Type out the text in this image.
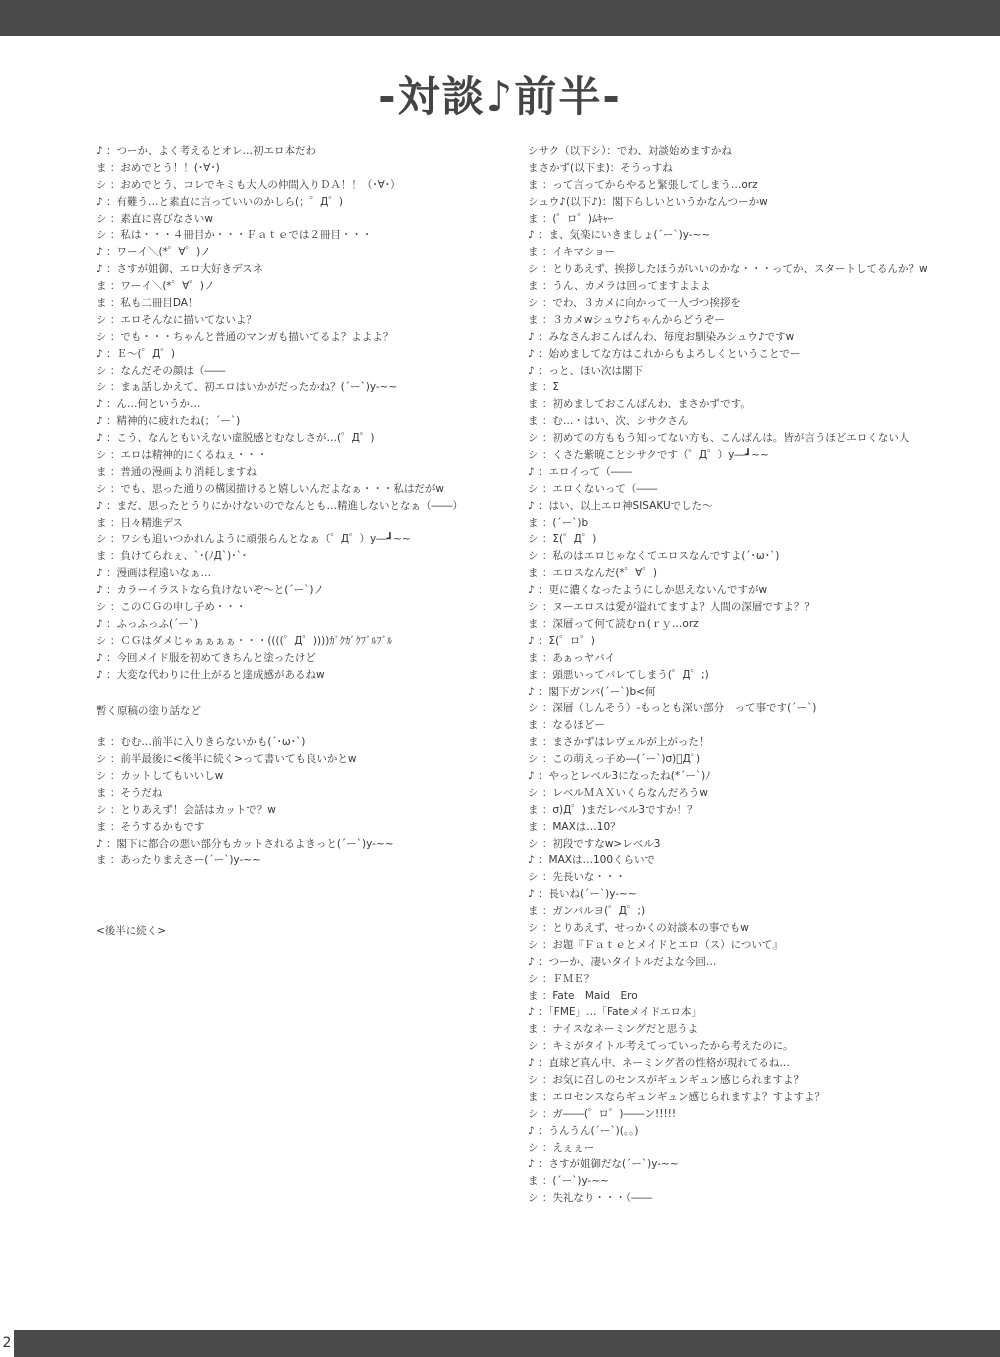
-対談♪前半-
♪ ：つーか、よく考えるとオレ…初エロ本だわ
ま ：おめでとう！！(･∀･)
シ ：おめでとう、コレでキミも大人の仲間入りＤＡ！！（･∀･）
♪ ：有難う…と素直に言っていいのかしら(；゜Д゜)
シ ：素直に喜びなさいw
シ ：私は・・・４冊目か・・・Ｆａｔｅでは２冊目・・・
♪ ：ワーイ＼(*゜∀゜)ノ
♪ ：さすが姐御、エロ大好きデスネ
ま ：ワーイ＼(*゜∀゜)ノ
ま ：私も二冊目DA！
シ ：エロそんなに描いてないよ？
シ ：でも・・・ちゃんと普通のマンガも描いてるよ？よよよ？
♪ ：Ｅ～(゜Д゜)
シ ：なんだその顔は（――
シ ：まぁ話しかえて、初エロはいかがだったかね？(´ー`)y-~~
♪ ：ん…何というか…
♪ ：精神的に疲れたね(；´ー`)
♪ ：こう、なんともいえない虚脱感とむなしさが…(゜Д゜)
シ ：エロは精神的にくるねぇ・・・
ま ：普通の漫画より消耗しますね
シ ：でも、思った通りの構図描けると嬉しいんだよなぁ・・・私はだがw
♪ ：まだ、思ったとうりにかけないのでなんとも…精進しないとなぁ（――）
ま ：日々精進デス
シ ：ワシも追いつかれんように頑張らんとなぁ（゜Д゜）y―┛~~
ま ：負けてられぇ、`･(ﾉД`)･`･
♪ ：漫画は程遠いなぁ…
♪ ：カラーイラストなら負けないぞ～と(´ー`)ノ
シ ：このＣＧの申し子め・・・
♪ ：ふっふっふ(´ー`)
シ ：ＣＧはダメじゃぁぁぁぁ・・・((((゜Д゜))))ｶﾞｸｶﾞｸﾌﾞﾙﾌﾞﾙ
♪ ：今回メイド服を初めてきちんと塗ったけど
♪ ：大変な代わりに仕上がると達成感があるねw
ま ：むむ…前半に入りきらないかも(´･ω･`)
シ ：前半最後に<後半に続く>って書いても良いかとw
シ ：カットしてもいいしw
ま ：そうだね
シ ：とりあえず！会話はカットで？w
ま ：そうするかもです
♪ ：閣下に都合の悪い部分もカットされるよきっと(´ー`)y-~~
ま ：あったりまえさー(´ー`)y-~~
シサク（以下シ）：でわ、対談始めますかね
まさかず(以下ま)：そうっすね
ま ：って言ってからやると緊張してしまう…orz
シュウ♪(以下♪)：閣下らしいというかなんつーかw
ま ：(゜ロ゜)ﾑｷｬｰ
♪ ：ま、気楽にいきましょ(´ー`)y-~~
ま ：イキマショー
シ ：とりあえず、挨拶したほうがいいのかな・・・ってか、スタートしてるんか？w
ま ：うん、カメラは回ってますよよよ
シ ：でわ、３カメに向かって一人づつ挨拶を
ま ：３カメwシュウ♪ちゃんからどうぞー
♪ ：みなさんおこんばんわ、毎度お馴染みシュウ♪ですw
♪ ：始めましてな方はこれからもよろしくということでー
♪ ：っと、ほい次は閣下
ま ：Σ
ま ：初めましておこんばんわ、まさかずです。
ま ：む…・はい、次、シサクさん
シ ：初めての方ももう知ってない方も、こんばんは。皆が言うほどエロくない人
シ ：くさた紫暁ことシサクです（゜Д゜）y―┛~~
♪ ：エロイって（――
シ ：エロくないって（――
♪ ：はい、以上エロ神SISAKUでした～
ま ：(´ー`)b
シ ：Σ(゜Д゜)
シ ：私のはエロじゃなくてエロスなんですよ(´･ω･`)
ま ：エロスなんだ(*゜∀゜)
♪ ：更に濃くなったようにしか思えないんですがw
シ ：ヌーエロスは愛が溢れてますよ？人間の深層ですよ？？
ま ：深層って何て読むｎ(ｒｙ…orz
♪ ：Σ(゜ロ゜)
ま ：あぁっヤバイ
ま ：頭悪いってバレてしまう(゜Д゜;)
♪ ：閣下ガンバ(´ー`)b<何
シ ：深層（しんそう）-もっとも深い部分　って事です(´ー`)
ま ：なるほどー
ま ：まさかずはレヴェルが上がった！
シ ：この萌えっ子め―(´ー`)σ)ﾟДﾟ)
♪ ：やっとレベル3になったね(*´ー`)ﾉ
シ ：レベルＭＡＸいくらなんだろうw
ま ：σ)Д゜)まだレベル3ですか！？
ま ：MAXは…10？
シ ：初段ですなw>レベル3
♪ ：MAXは…100くらいで
シ ：先長いな・・・
♪ ：長いね(´ー`)y-~~
ま ：ガンバルヨ(゜Д゜;)
シ ：とりあえず、せっかくの対談本の事でもw
シ ：お題『Ｆａｔｅとメイドとエロ（ス）について』
♪ ：つーか、凄いタイトルだよな今回…
シ ：ＦＭＥ？
ま ：Fate　Maid　Ero
♪ ：「FME」…「Fateメイドエロ本」
ま ：ナイスなネーミングだと思うよ
シ ：キミがタイトル考えてっていったから考えたのに。
♪ ：直球ど真ん中、ネーミング者の性格が現れてるね…
シ ：お気に召しのセンスがギュンギュン感じられますよ？
ま ：エロセンスならギュンギュン感じられますよ？すよすよ？
シ ：ガ――(゜ロ゜)――ン!!!!!
♪ ：うんうん(´ー`)(｡｡)
シ ：えぇぇー
♪ ：さすが姐御だな(´ー`)y-~~
ま ：(´ー`)y-~~
シ ：失礼なり・・・（――
暫く原稿の塗り話など
<後半に続く>
2
